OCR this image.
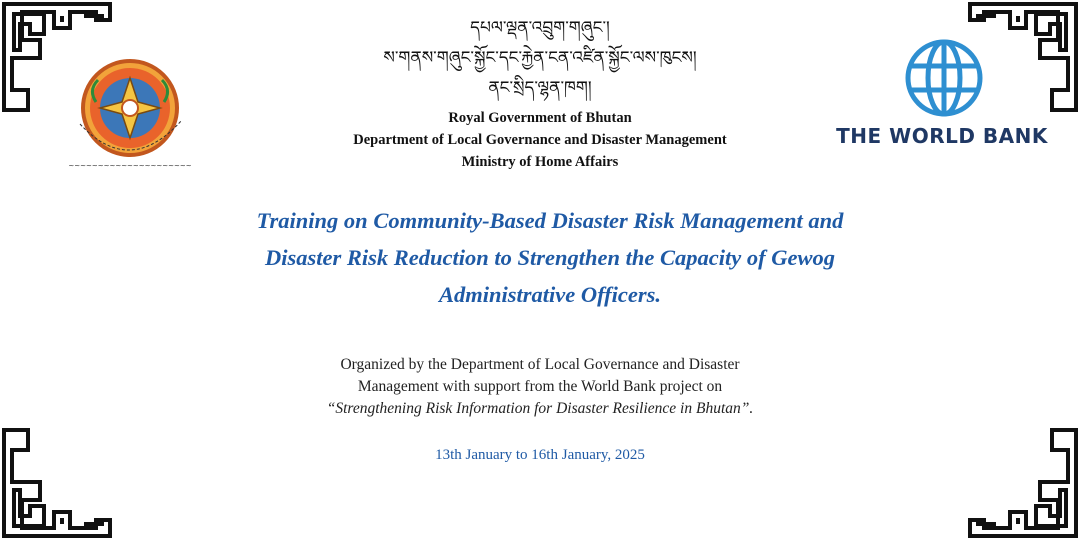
~~~~~~~~~~~~~~~~~~~~~
THE WORLD BANK
དཔལ་ལྡན་འབྲུག་གཞུང་།
ས་གནས་གཞུང་སྐྱོང་དང་རྐྱེན་ངན་འཛིན་སྐྱོང་ལས་ཁུངས།
ནང་སྲིད་ལྷན་ཁག།
Royal Government of Bhutan
Department of Local Governance and Disaster Management
Ministry of Home Affairs
Training on Community-Based Disaster Risk Management and
Disaster Risk Reduction to Strengthen the Capacity of Gewog
Administrative Officers.
Organized by the Department of Local Governance and Disaster
Management with support from the World Bank project on
“Strengthening Risk Information for Disaster Resilience in Bhutan”.
13th January to 16th January, 2025
